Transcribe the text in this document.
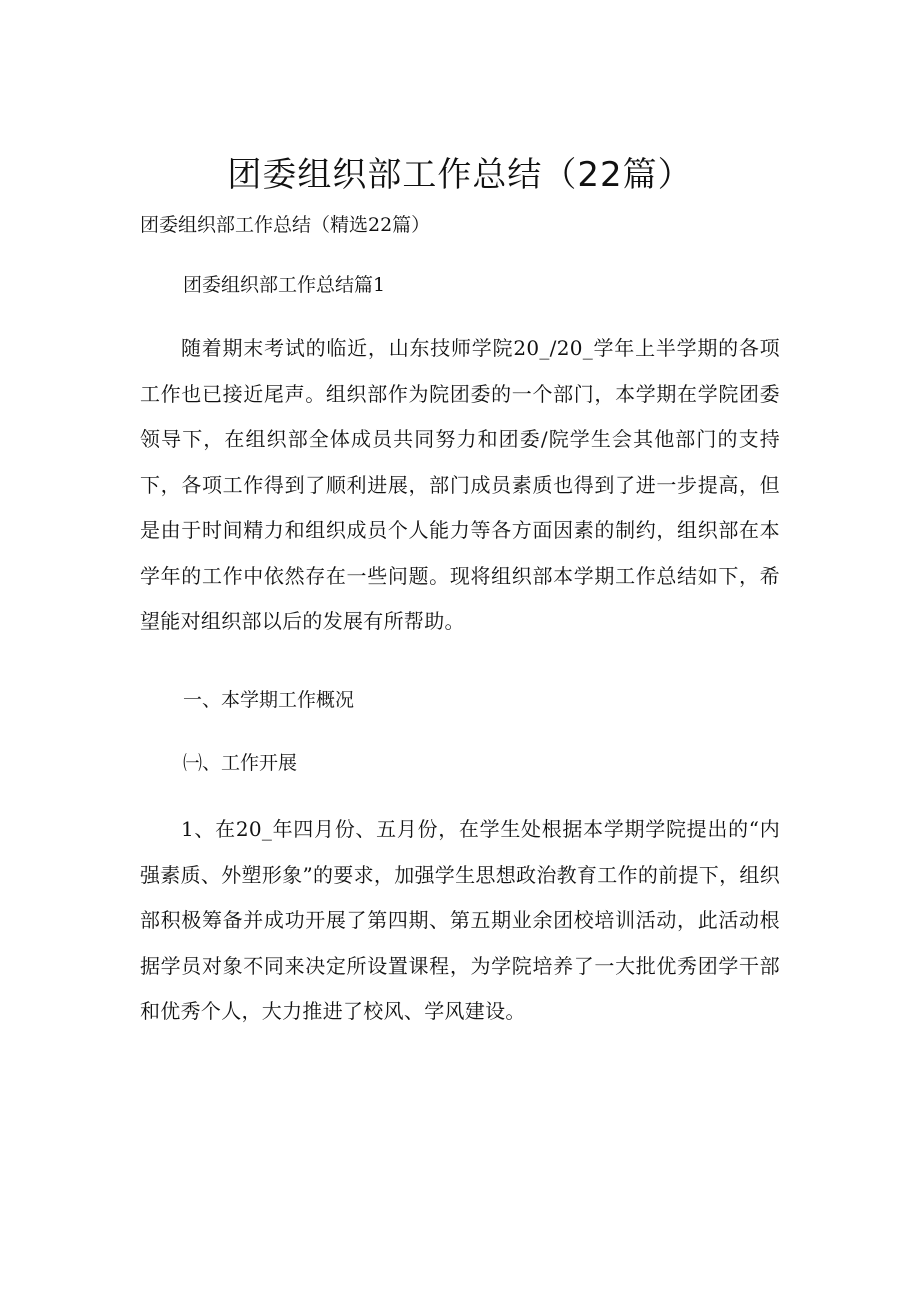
团委组织部工作总结（22篇）

团委组织部工作总结（精选22篇）

团委组织部工作总结篇1

随着期末考试的临近，山东技师学院20_/20_学年上半学期的各项工作也已接近尾声。组织部作为院团委的一个部门，本学期在学院团委领导下，在组织部全体成员共同努力和团委/院学生会其他部门的支持下，各项工作得到了顺利进展，部门成员素质也得到了进一步提高，但是由于时间精力和组织成员个人能力等各方面因素的制约，组织部在本学年的工作中依然存在一些问题。现将组织部本学期工作总结如下，希望能对组织部以后的发展有所帮助。

一、本学期工作概况

㈠、工作开展

1、在20_年四月份、五月份，在学生处根据本学期学院提出的“内强素质、外塑形象”的要求，加强学生思想政治教育工作的前提下，组织部积极筹备并成功开展了第四期、第五期业余团校培训活动，此活动根据学员对象不同来决定所设置课程，为学院培养了一大批优秀团学干部和优秀个人，大力推进了校风、学风建设。
